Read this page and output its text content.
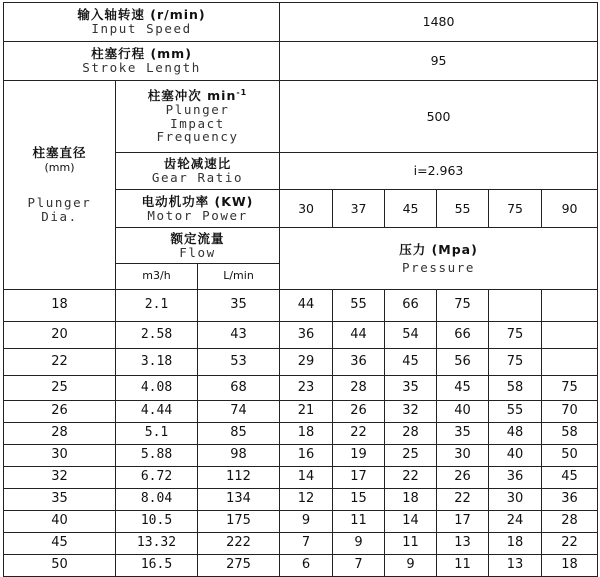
输入轴转速 (r/min)
Input Speed			1480					

柱塞行程 (mm)
Stroke Length			95					

柱塞直径
(mm)
Plunger
Dia.	柱塞冲次 $\min^{-1}$
Plunger
Impact
Frequency		500					

	齿轮减速比
Gear Ratio		i=2.963					

	电动机功率 (KW)
Motor Power		30	37	45	55	75	90

	额定流量
Flow		压力 (Mpa)
Pressure					

	m3/h	L/min						
18	2.1	35	44	55	66	75		
20	2.58	43	36	44	54	66	75	
22	3.18	53	29	36	45	56	75	
25	4.08	68	23	28	35	45	58	75
26	4.44	74	21	26	32	40	55	70
28	5.1	85	18	22	28	35	48	58
30	5.88	98	16	19	25	30	40	50
32	6.72	112	14	17	22	26	36	45
35	8.04	134	12	15	18	22	30	36
40	10.5	175	9	11	14	17	24	28
45	13.32	222	7	9	11	13	18	22
50	16.5	275	6	7	9	11	13	18
